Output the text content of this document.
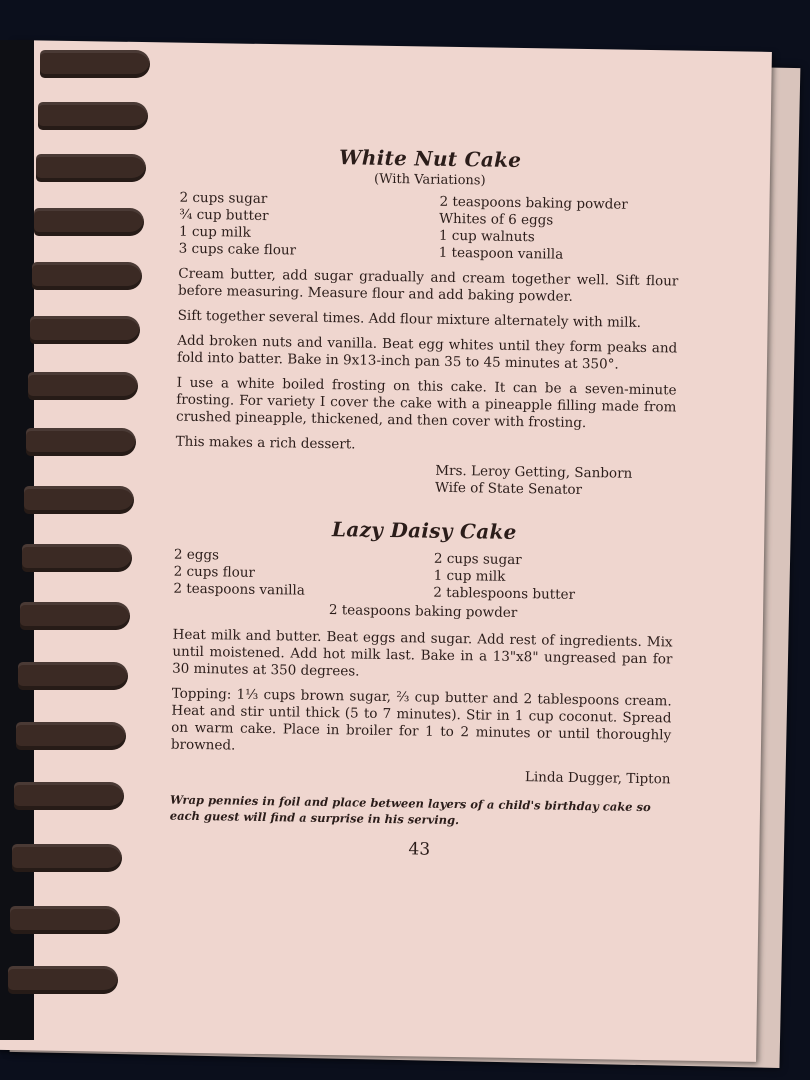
White Nut Cake
(With Variations)
2 cups sugar
¾ cup butter
1 cup milk
3 cups cake flour
2 teaspoons baking powder
Whites of 6 eggs
1 cup walnuts
1 teaspoon vanilla

Cream butter, add sugar gradually and cream together well. Sift flour before measuring. Measure flour and add baking powder.

Sift together several times. Add flour mixture alternately with milk.

Add broken nuts and vanilla. Beat egg whites until they form peaks and fold into batter. Bake in 9x13-inch pan 35 to 45 minutes at 350°.

I use a white boiled frosting on this cake. It can be a seven-minute frosting. For variety I cover the cake with a pineapple filling made from crushed pineapple, thickened, and then cover with frosting.

This makes a rich dessert.

Mrs. Leroy Getting, Sanborn
Wife of State Senator
Lazy Daisy Cake
2 eggs
2 cups flour
2 teaspoons vanilla
2 cups sugar
1 cup milk
2 tablespoons butter
2 teaspoons baking powder

Heat milk and butter. Beat eggs and sugar. Add rest of ingredients. Mix until moistened. Add hot milk last. Bake in a 13"x8" ungreased pan for 30 minutes at 350 degrees.

Topping: 1⅓ cups brown sugar, ⅔ cup butter and 2 tablespoons cream. Heat and stir until thick (5 to 7 minutes). Stir in 1 cup coconut. Spread on warm cake. Place in broiler for 1 to 2 minutes or until thoroughly browned.

Linda Dugger, Tipton
Wrap pennies in foil and place between layers of a child's birthday cake so each guest will find a surprise in his serving.
43
